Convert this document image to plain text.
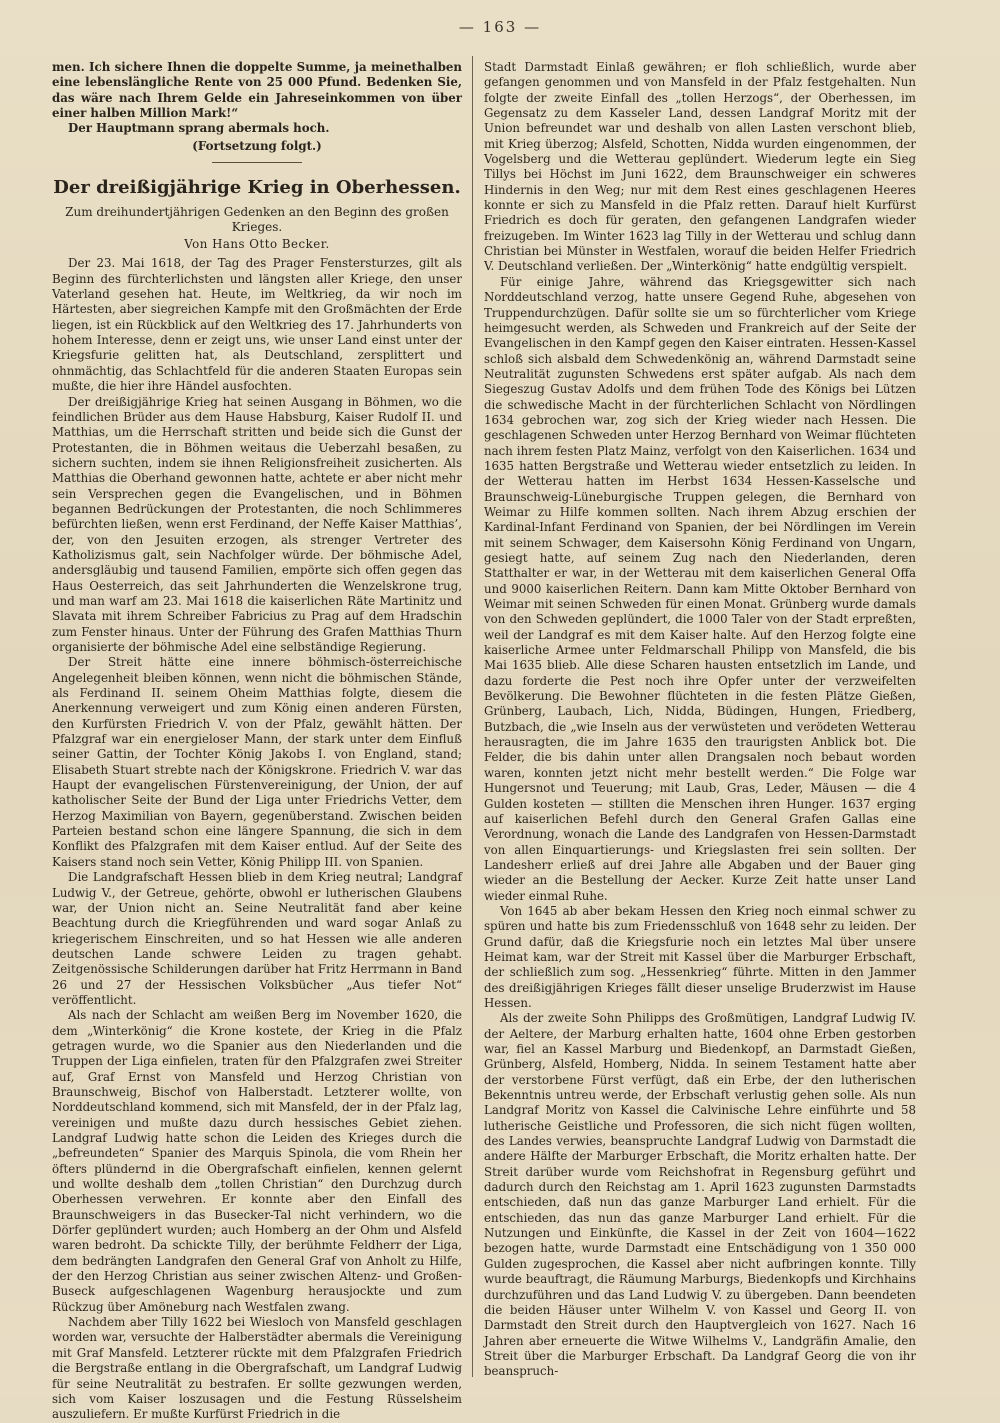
— 163 —

men. Ich sichere Ihnen die doppelte Summe, ja meinethalben eine lebenslängliche Rente von 25 000 Pfund. Bedenken Sie, das wäre nach Ihrem Gelde ein Jahreseinkommen von über einer halben Million Mark!“

Der Hauptmann sprang abermals hoch.

(Fortsetzung folgt.)

Der dreißigjährige Krieg in Oberhessen.
Zum dreihundertjährigen Gedenken an den Beginn des großen Krieges.
Von Hans Otto Becker.

Der 23. Mai 1618, der Tag des Prager Fenstersturzes, gilt als Beginn des fürchterlichsten und längsten aller Kriege, den unser Vaterland gesehen hat. Heute, im Weltkrieg, da wir noch im Härtesten, aber siegreichen Kampfe mit den Großmächten der Erde liegen, ist ein Rückblick auf den Weltkrieg des 17. Jahrhunderts von hohem Interesse, denn er zeigt uns, wie unser Land einst unter der Kriegsfurie gelitten hat, als Deutschland, zersplittert und ohnmächtig, das Schlachtfeld für die anderen Staaten Europas sein mußte, die hier ihre Händel ausfochten.

Der dreißigjährige Krieg hat seinen Ausgang in Böhmen, wo die feindlichen Brüder aus dem Hause Habsburg, Kaiser Rudolf II. und Matthias, um die Herrschaft stritten und beide sich die Gunst der Protestanten, die in Böhmen weitaus die Ueberzahl besaßen, zu sichern suchten, indem sie ihnen Religionsfreiheit zusicherten. Als Matthias die Oberhand gewonnen hatte, achtete er aber nicht mehr sein Versprechen gegen die Evangelischen, und in Böhmen begannen Bedrückungen der Protestanten, die noch Schlimmeres befürchten ließen, wenn erst Ferdinand, der Neffe Kaiser Matthias’, der, von den Jesuiten erzogen, als strenger Vertreter des Katholizismus galt, sein Nachfolger würde. Der böhmische Adel, andersgläubig und tausend Familien, empörte sich offen gegen das Haus Oesterreich, das seit Jahrhunderten die Wenzelskrone trug, und man warf am 23. Mai 1618 die kaiserlichen Räte Martinitz und Slavata mit ihrem Schreiber Fabricius zu Prag auf dem Hradschin zum Fenster hinaus. Unter der Führung des Grafen Matthias Thurn organisierte der böhmische Adel eine selbständige Regierung.

Der Streit hätte eine innere böhmisch-österreichische Angelegenheit bleiben können, wenn nicht die böhmischen Stände, als Ferdinand II. seinem Oheim Matthias folgte, diesem die Anerkennung verweigert und zum König einen anderen Fürsten, den Kurfürsten Friedrich V. von der Pfalz, gewählt hätten. Der Pfalzgraf war ein energieloser Mann, der stark unter dem Einfluß seiner Gattin, der Tochter König Jakobs I. von England, stand; Elisabeth Stuart strebte nach der Königskrone. Friedrich V. war das Haupt der evangelischen Fürstenvereinigung, der Union, der auf katholischer Seite der Bund der Liga unter Friedrichs Vetter, dem Herzog Maximilian von Bayern, gegenüberstand. Zwischen beiden Parteien bestand schon eine längere Spannung, die sich in dem Konflikt des Pfalzgrafen mit dem Kaiser entlud. Auf der Seite des Kaisers stand noch sein Vetter, König Philipp III. von Spanien.

Die Landgrafschaft Hessen blieb in dem Krieg neutral; Landgraf Ludwig V., der Getreue, gehörte, obwohl er lutherischen Glaubens war, der Union nicht an. Seine Neutralität fand aber keine Beachtung durch die Kriegführenden und ward sogar Anlaß zu kriegerischem Einschreiten, und so hat Hessen wie alle anderen deutschen Lande schwere Leiden zu tragen gehabt. Zeitgenössische Schilderungen darüber hat Fritz Herrmann in Band 26 und 27 der Hessischen Volksbücher „Aus tiefer Not“ veröffentlicht.

Als nach der Schlacht am weißen Berg im November 1620, die dem „Winterkönig“ die Krone kostete, der Krieg in die Pfalz getragen wurde, wo die Spanier aus den Niederlanden und die Truppen der Liga einfielen, traten für den Pfalzgrafen zwei Streiter auf, Graf Ernst von Mansfeld und Herzog Christian von Braunschweig, Bischof von Halberstadt. Letzterer wollte, von Norddeutschland kommend, sich mit Mansfeld, der in der Pfalz lag, vereinigen und mußte dazu durch hessisches Gebiet ziehen. Landgraf Ludwig hatte schon die Leiden des Krieges durch die „befreundeten“ Spanier des Marquis Spinola, die vom Rhein her öfters plündernd in die Obergrafschaft einfielen, kennen gelernt und wollte deshalb dem „tollen Christian“ den Durchzug durch Oberhessen verwehren. Er konnte aber den Einfall des Braunschweigers in das Busecker-Tal nicht verhindern, wo die Dörfer geplündert wurden; auch Homberg an der Ohm und Alsfeld waren bedroht. Da schickte Tilly, der berühmte Feldherr der Liga, dem bedrängten Landgrafen den General Graf von Anholt zu Hilfe, der den Herzog Christian aus seiner zwischen Altenz- und Großen-Buseck aufgeschlagenen Wagenburg herausjockte und zum Rückzug über Amöneburg nach Westfalen zwang.

Nachdem aber Tilly 1622 bei Wiesloch von Mansfeld geschlagen worden war, versuchte der Halberstädter abermals die Vereinigung mit Graf Mansfeld. Letzterer rückte mit dem Pfalzgrafen Friedrich die Bergstraße entlang in die Obergrafschaft, um Landgraf Ludwig für seine Neutralität zu bestrafen. Er sollte gezwungen werden, sich vom Kaiser loszusagen und die Festung Rüsselsheim auszuliefern. Er mußte Kurfürst Friedrich in die

Stadt Darmstadt Einlaß gewähren; er floh schließlich, wurde aber gefangen genommen und von Mansfeld in der Pfalz festgehalten. Nun folgte der zweite Einfall des „tollen Herzogs“, der Oberhessen, im Gegensatz zu dem Kasseler Land, dessen Landgraf Moritz mit der Union befreundet war und deshalb von allen Lasten verschont blieb, mit Krieg überzog; Alsfeld, Schotten, Nidda wurden eingenommen, der Vogelsberg und die Wetterau geplündert. Wiederum legte ein Sieg Tillys bei Höchst im Juni 1622, dem Braunschweiger ein schweres Hindernis in den Weg; nur mit dem Rest eines geschlagenen Heeres konnte er sich zu Mansfeld in die Pfalz retten. Darauf hielt Kurfürst Friedrich es doch für geraten, den gefangenen Landgrafen wieder freizugeben. Im Winter 1623 lag Tilly in der Wetterau und schlug dann Christian bei Münster in Westfalen, worauf die beiden Helfer Friedrich V. Deutschland verließen. Der „Winterkönig“ hatte endgültig verspielt.

Für einige Jahre, während das Kriegsgewitter sich nach Norddeutschland verzog, hatte unsere Gegend Ruhe, abgesehen von Truppendurchzügen. Dafür sollte sie um so fürchterlicher vom Kriege heimgesucht werden, als Schweden und Frankreich auf der Seite der Evangelischen in den Kampf gegen den Kaiser eintraten. Hessen-Kassel schloß sich alsbald dem Schwedenkönig an, während Darmstadt seine Neutralität zugunsten Schwedens erst später aufgab. Als nach dem Siegeszug Gustav Adolfs und dem frühen Tode des Königs bei Lützen die schwedische Macht in der fürchterlichen Schlacht von Nördlingen 1634 gebrochen war, zog sich der Krieg wieder nach Hessen. Die geschlagenen Schweden unter Herzog Bernhard von Weimar flüchteten nach ihrem festen Platz Mainz, verfolgt von den Kaiserlichen. 1634 und 1635 hatten Bergstraße und Wetterau wieder entsetzlich zu leiden. In der Wetterau hatten im Herbst 1634 Hessen-Kasselsche und Braunschweig-Lüneburgische Truppen gelegen, die Bernhard von Weimar zu Hilfe kommen sollten. Nach ihrem Abzug erschien der Kardinal-Infant Ferdinand von Spanien, der bei Nördlingen im Verein mit seinem Schwager, dem Kaisersohn König Ferdinand von Ungarn, gesiegt hatte, auf seinem Zug nach den Niederlanden, deren Statthalter er war, in der Wetterau mit dem kaiserlichen General Offa und 9000 kaiserlichen Reitern. Dann kam Mitte Oktober Bernhard von Weimar mit seinen Schweden für einen Monat. Grünberg wurde damals von den Schweden geplündert, die 1000 Taler von der Stadt erpreßten, weil der Landgraf es mit dem Kaiser halte. Auf den Herzog folgte eine kaiserliche Armee unter Feldmarschall Philipp von Mansfeld, die bis Mai 1635 blieb. Alle diese Scharen hausten entsetzlich im Lande, und dazu forderte die Pest noch ihre Opfer unter der verzweifelten Bevölkerung. Die Bewohner flüchteten in die festen Plätze Gießen, Grünberg, Laubach, Lich, Nidda, Büdingen, Hungen, Friedberg, Butzbach, die „wie Inseln aus der verwüsteten und verödeten Wetterau herausragten, die im Jahre 1635 den traurigsten Anblick bot. Die Felder, die bis dahin unter allen Drangsalen noch bebaut worden waren, konnten jetzt nicht mehr bestellt werden.“ Die Folge war Hungersnot und Teuerung; mit Laub, Gras, Leder, Mäusen — die 4 Gulden kosteten — stillten die Menschen ihren Hunger. 1637 erging auf kaiserlichen Befehl durch den General Grafen Gallas eine Verordnung, wonach die Lande des Landgrafen von Hessen-Darmstadt von allen Einquartierungs- und Kriegslasten frei sein sollten. Der Landesherr erließ auf drei Jahre alle Abgaben und der Bauer ging wieder an die Bestellung der Aecker. Kurze Zeit hatte unser Land wieder einmal Ruhe.

Von 1645 ab aber bekam Hessen den Krieg noch einmal schwer zu spüren und hatte bis zum Friedensschluß von 1648 sehr zu leiden. Der Grund dafür, daß die Kriegsfurie noch ein letztes Mal über unsere Heimat kam, war der Streit mit Kassel über die Marburger Erbschaft, der schließlich zum sog. „Hessenkrieg“ führte. Mitten in den Jammer des dreißigjährigen Krieges fällt dieser unselige Bruderzwist im Hause Hessen.

Als der zweite Sohn Philipps des Großmütigen, Landgraf Ludwig IV. der Aeltere, der Marburg erhalten hatte, 1604 ohne Erben gestorben war, fiel an Kassel Marburg und Biedenkopf, an Darmstadt Gießen, Grünberg, Alsfeld, Homberg, Nidda. In seinem Testament hatte aber der verstorbene Fürst verfügt, daß ein Erbe, der den lutherischen Bekenntnis untreu werde, der Erbschaft verlustig gehen solle. Als nun Landgraf Moritz von Kassel die Calvinische Lehre einführte und 58 lutherische Geistliche und Professoren, die sich nicht fügen wollten, des Landes verwies, beanspruchte Landgraf Ludwig von Darmstadt die andere Hälfte der Marburger Erbschaft, die Moritz erhalten hatte. Der Streit darüber wurde vom Reichshofrat in Regensburg geführt und dadurch durch den Reichstag am 1. April 1623 zugunsten Darmstadts entschieden, daß nun das ganze Marburger Land erhielt. Für die entschieden, das nun das ganze Marburger Land erhielt. Für die Nutzungen und Einkünfte, die Kassel in der Zeit von 1604—1622 bezogen hatte, wurde Darmstadt eine Entschädigung von 1 350 000 Gulden zugesprochen, die Kassel aber nicht aufbringen konnte. Tilly wurde beauftragt, die Räumung Marburgs, Biedenkopfs und Kirchhains durchzuführen und das Land Ludwig V. zu übergeben. Dann beendeten die beiden Häuser unter Wilhelm V. von Kassel und Georg II. von Darmstadt den Streit durch den Hauptvergleich von 1627. Nach 16 Jahren aber erneuerte die Witwe Wilhelms V., Landgräfin Amalie, den Streit über die Marburger Erbschaft. Da Landgraf Georg die von ihr beanspruch-
